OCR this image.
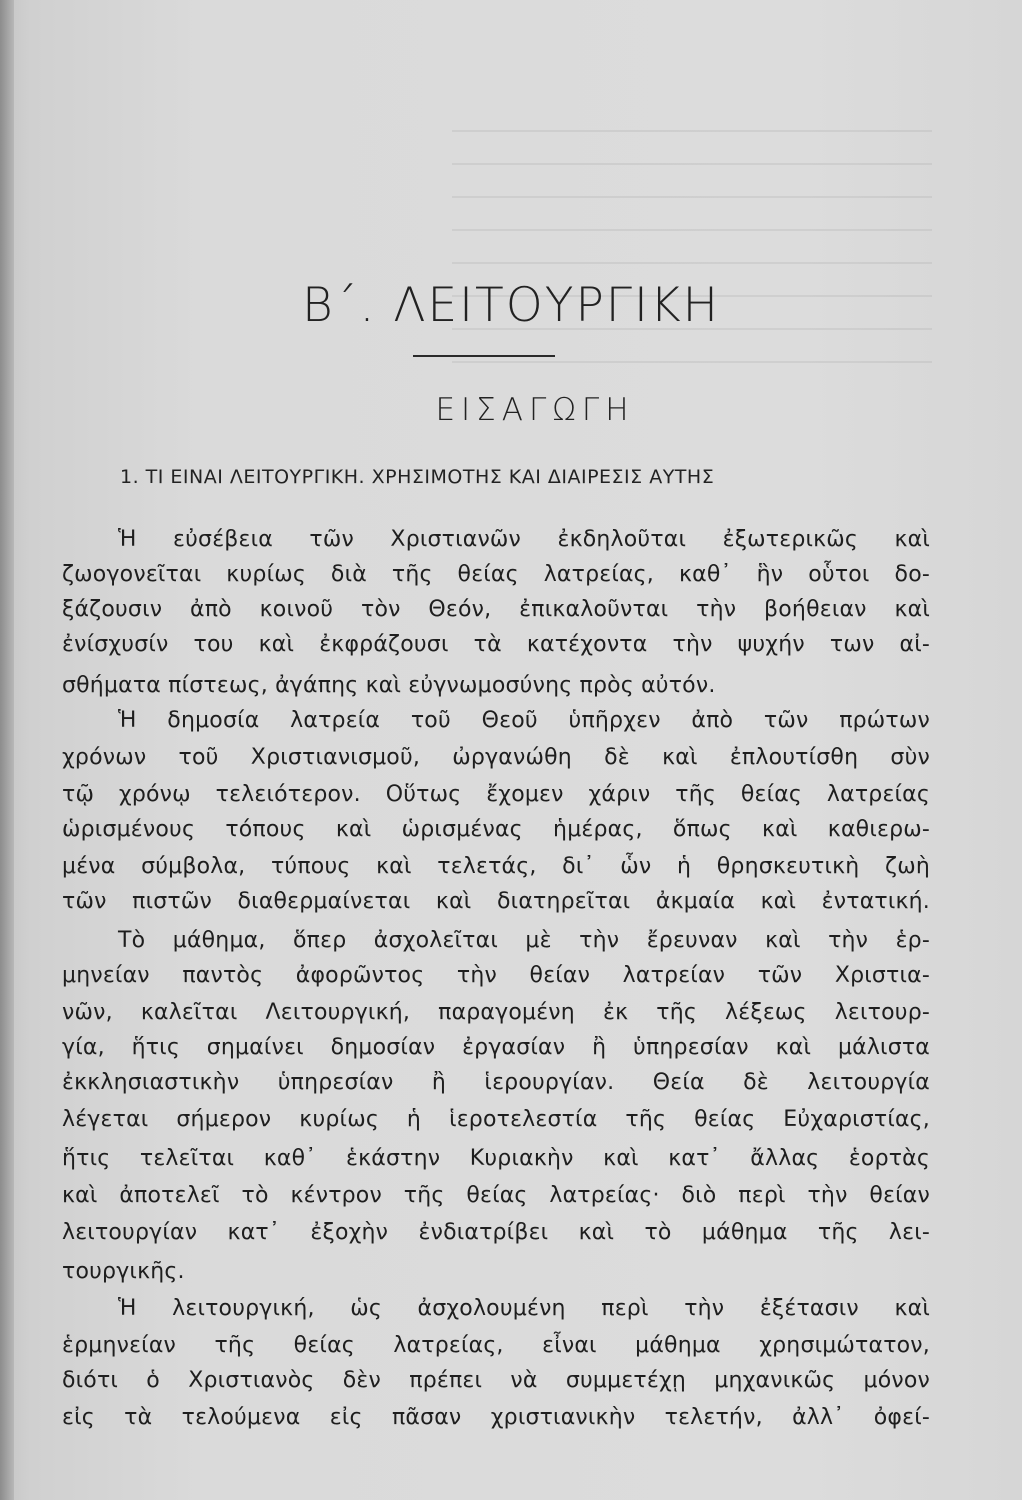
Β΄. ΛΕΙΤΟΥΡΓΙΚΗ
ΕΙΣΑΓΩΓΗ
1. ΤΙ ΕΙΝΑΙ ΛΕΙΤΟΥΡΓΙΚΗ. ΧΡΗΣΙΜΟΤΗΣ ΚΑΙ ΔΙΑΙΡΕΣΙΣ ΑΥΤΗΣ
Ἡ εὐσέβεια τῶν Χριστιανῶν ἐκδηλοῦται ἐξωτερικῶς καὶ
ζωογονεῖται κυρίως διὰ τῆς θείας λατρείας, καθ᾽ ἣν οὗτοι δο-
ξάζουσιν ἀπὸ κοινοῦ τὸν Θεόν, ἐπικαλοῦνται τὴν βοήθειαν καὶ
ἐνίσχυσίν του καὶ ἐκφράζουσι τὰ κατέχοντα τὴν ψυχήν των αἰ-
σθήματα πίστεως, ἀγάπης καὶ εὐγνωμοσύνης πρὸς αὐτόν.
Ἡ δημοσία λατρεία τοῦ Θεοῦ ὑπῆρχεν ἀπὸ τῶν πρώτων
χρόνων τοῦ Χριστιανισμοῦ, ὠργανώθη δὲ καὶ ἐπλουτίσθη σὺν
τῷ χρόνῳ τελειότερον. Οὕτως ἔχομεν χάριν τῆς θείας λατρείας
ὡρισμένους τόπους καὶ ὡρισμένας ἡμέρας, ὅπως καὶ καθιερω-
μένα σύμβολα, τύπους καὶ τελετάς, δι᾽ ὧν ἡ θρησκευτικὴ ζωὴ
τῶν πιστῶν διαθερμαίνεται καὶ διατηρεῖται ἀκμαία καὶ ἐντατική.
Τὸ μάθημα, ὅπερ ἀσχολεῖται μὲ τὴν ἔρευναν καὶ τὴν ἑρ-
μηνείαν παντὸς ἀφορῶντος τὴν θείαν λατρείαν τῶν Χριστια-
νῶν, καλεῖται Λειτουργική, παραγομένη ἐκ τῆς λέξεως λειτουρ-
γία, ἥτις σημαίνει δημοσίαν ἐργασίαν ἢ ὑπηρεσίαν καὶ μάλιστα
ἐκκλησιαστικὴν ὑπηρεσίαν ἢ ἱερουργίαν. Θεία δὲ λειτουργία
λέγεται σήμερον κυρίως ἡ ἱεροτελεστία τῆς θείας Εὐχαριστίας,
ἥτις τελεῖται καθ᾽ ἑκάστην Κυριακὴν καὶ κατ᾽ ἄλλας ἑορτὰς
καὶ ἀποτελεῖ τὸ κέντρον τῆς θείας λατρείας· διὸ περὶ τὴν θείαν
λειτουργίαν κατ᾽ ἐξοχὴν ἐνδιατρίβει καὶ τὸ μάθημα τῆς λει-
τουργικῆς.
Ἡ λειτουργική, ὡς ἀσχολουμένη περὶ τὴν ἐξέτασιν καὶ
ἑρμηνείαν τῆς θείας λατρείας, εἶναι μάθημα χρησιμώτατον,
διότι ὁ Χριστιανὸς δὲν πρέπει νὰ συμμετέχῃ μηχανικῶς μόνον
εἰς τὰ τελούμενα εἰς πᾶσαν χριστιανικὴν τελετήν, ἀλλ᾽ ὀφεί-
